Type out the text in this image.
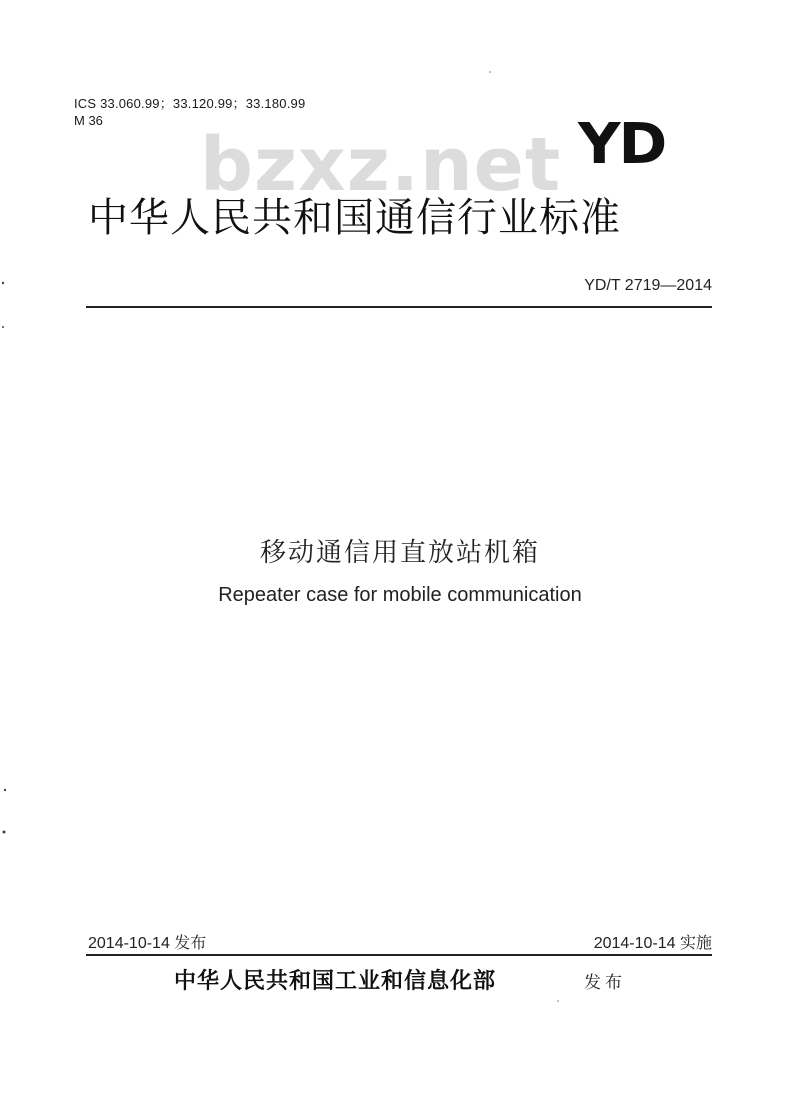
ICS 33.060.99；33.120.99；33.180.99
M 36
bzxz.net YD
中华人民共和国通信行业标准
YD/T 2719—2014
移动通信用直放站机箱
Repeater case for mobile communication
2014-10-14 发布	2014-10-14 实施
中华人民共和国工业和信息化部	发布
